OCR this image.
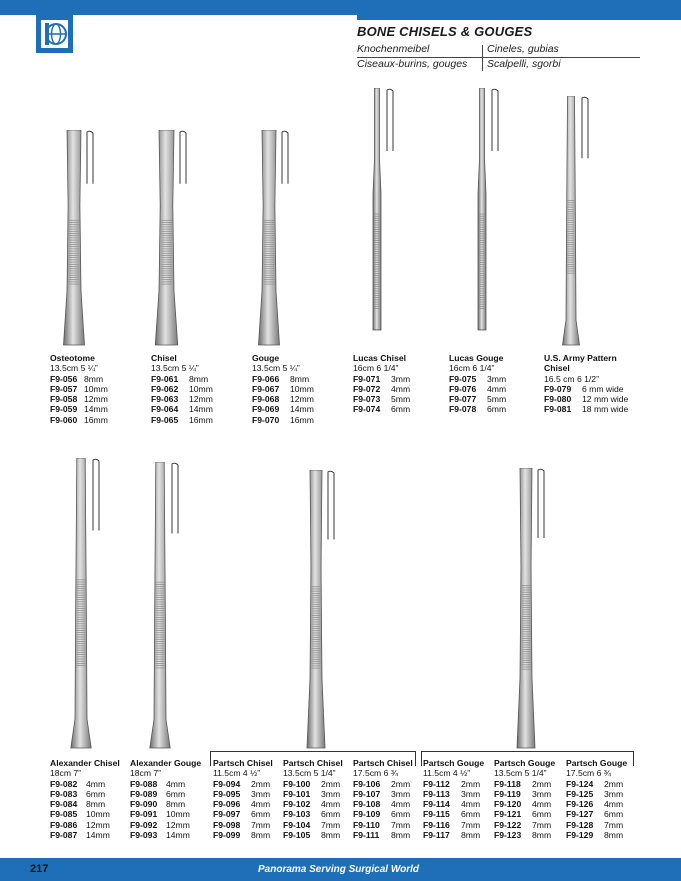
BONE CHISELS & GOUGES
Knochenmeibel	Cineles, gubias
Ciseaux-burins, gouges Scalpelli, sgorbi
Osteotome
13.5cm 5 ¼”
F9-056 8mm
F9-057 10mm
F9-058 12mm
F9-059 14mm
F9-060 16mm
Chisel
13.5cm 5 ¼”
F9-061 8mm
F9-062 10mm
F9-063 12mm
F9-064 14mm
F9-065 16mm
Gouge
13.5cm 5 ¼”
F9-066 8mm
F9-067 10mm
F9-068 12mm
F9-069 14mm
F9-070 16mm
Lucas Chisel
16cm 6 1/4”
F9-071 3mm
F9-072 4mm
F9-073 5mm
F9-074 6mm
Lucas Gouge
16cm 6 1/4”
F9-075 3mm
F9-076 4mm
F9-077 5mm
F9-078 6mm
U.S. Army Pattern
Chisel
16.5 cm 6 1/2”
F9-079 6 mm wide
F9-080 12 mm wide
F9-081 18 mm wide
Alexander Chisel
18cm 7”
F9-082 4mm
F9-083 6mm
F9-084 8mm
F9-085 10mm
F9-086 12mm
F9-087 14mm
Alexander Gouge
18cm 7”
F9-088 4mm
F9-089 6mm
F9-090 8mm
F9-091 10mm
F9-092 12mm
F9-093 14mm
Partsch Chisel
11.5cm 4 ½”
F9-094 2mm
F9-095 3mm
F9-096 4mm
F9-097 6mm
F9-098 7mm
F9-099 8mm
Partsch Chisel
13.5cm 5 1/4”
F9-100 2mm
F9-101 3mm
F9-102 4mm
F9-103 6mm
F9-104 7mm
F9-105 8mm
Partsch Chisel
17.5cm 6 ¾
F9-106 2mm
F9-107 3mm
F9-108 4mm
F9-109 6mm
F9-110 7mm
F9-111 8mm
Partsch Gouge
11.5cm 4 ½”
F9-112 2mm
F9-113 3mm
F9-114 4mm
F9-115 6mm
F9-116 7mm
F9-117 8mm
Partsch Gouge
13.5cm 5 1/4”
F9-118 2mm
F9-119 3mm
F9-120 4mm
F9-121 6mm
F9-122 7mm
F9-123 8mm
Partsch Gouge
17.5cm 6 ¾
F9-124 2mm
F9-125 3mm
F9-126 4mm
F9-127 6mm
F9-128 7mm
F9-129 8mm
217	Panorama Serving Surgical World
